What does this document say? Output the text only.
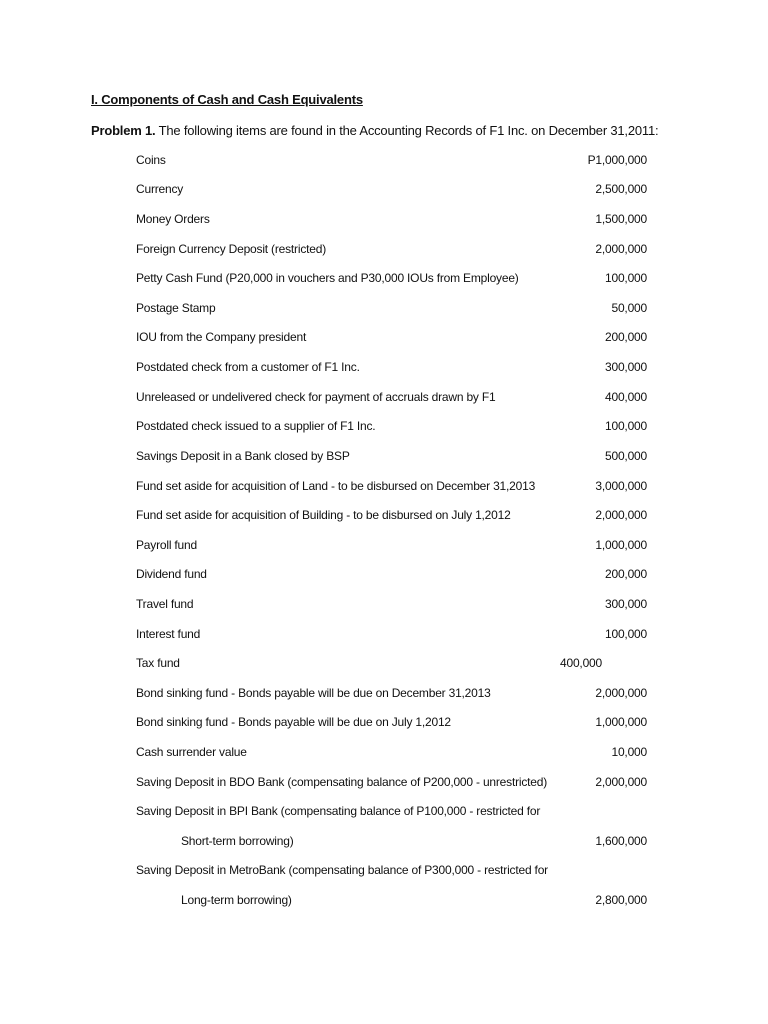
I. Components of Cash and Cash Equivalents
Problem 1. The following items are found in the Accounting Records of F1 Inc. on December 31,2011:
Coins	P1,000,000
Currency	2,500,000
Money Orders	1,500,000
Foreign Currency Deposit (restricted)	2,000,000
Petty Cash Fund (P20,000 in vouchers and P30,000 IOUs from Employee)	100,000
Postage Stamp	50,000
IOU from the Company president	200,000
Postdated check from a customer of F1 Inc.	300,000
Unreleased or undelivered check for payment of accruals drawn by F1	400,000
Postdated check issued to a supplier of F1 Inc.	100,000
Savings Deposit in a Bank closed by BSP	500,000
Fund set aside for acquisition of Land - to be disbursed on December 31,2013	3,000,000
Fund set aside for acquisition of Building - to be disbursed on July 1,2012	2,000,000
Payroll fund	1,000,000
Dividend fund	200,000
Travel fund	300,000
Interest fund	100,000
Tax fund	400,000
Bond sinking fund - Bonds payable will be due on December 31,2013	2,000,000
Bond sinking fund - Bonds payable will be due on July 1,2012	1,000,000
Cash surrender value	10,000
Saving Deposit in BDO Bank (compensating balance of P200,000 - unrestricted)	2,000,000
Saving Deposit in BPI Bank (compensating balance of P100,000 - restricted for
Short-term borrowing)	1,600,000
Saving Deposit in MetroBank (compensating balance of P300,000 - restricted for
Long-term borrowing)	2,800,000
